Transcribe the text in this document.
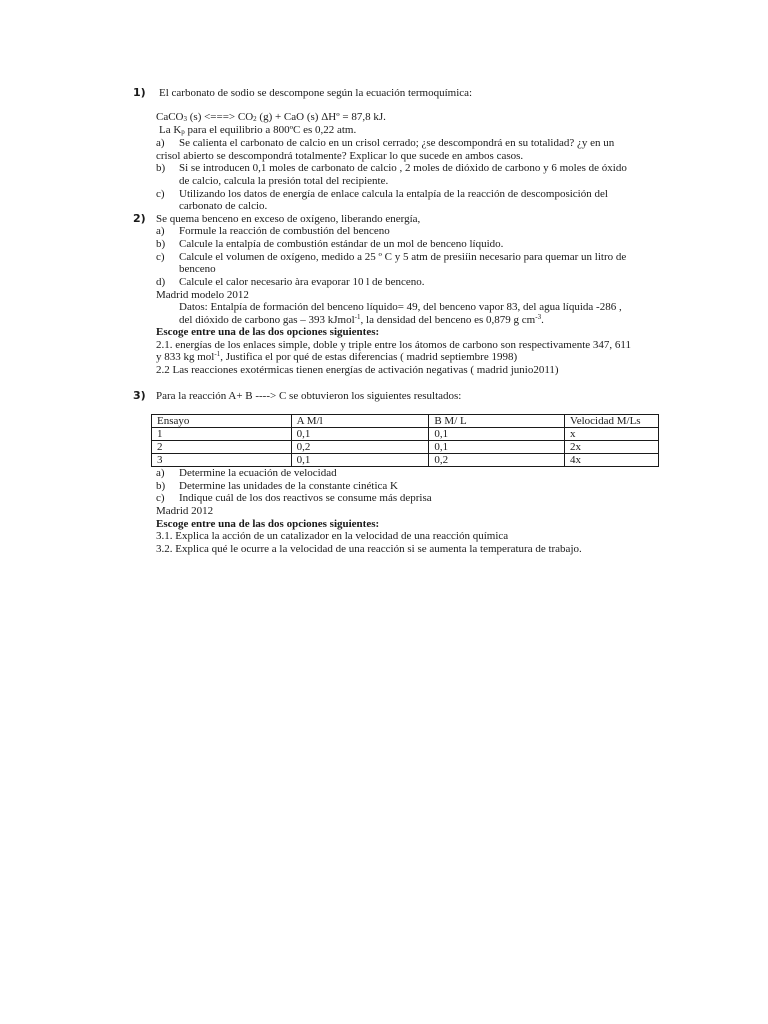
1) El carbonato de sodio se descompone según la ecuación termoquímica:
CaCO$_3$ (s) <===> $CO_2$ (g) + CaO (s) ΔHº = 87,8 kJ.
La $K_p$ para el equilibrio a 800ºC es 0,22 atm.
a) Se calienta el carbonato de calcio en un crisol cerrado; ¿se descompondrá en su totalidad? ¿y en un
crisol abierto se descompondrá totalmente? Explicar lo que sucede en ambos casos.
b) Si se introducen 0,1 moles de carbonato de calcio , 2 moles de dióxido de carbono y 6 moles de óxido
de calcio, calcula la presión total del recipiente.
c) Utilizando los datos de energía de enlace calcula la entalpía de la reacción de descomposición del
carbonato de calcio.
2) Se quema benceno en exceso de oxígeno, liberando energía,
a) Formule la reacción de combustión del benceno
b) Calcule la entalpía de combustión estándar de un mol de benceno líquido.
c) Calcule el volumen de oxígeno, medido a 25 º C y 5 atm de presiíin necesario para quemar un litro de
benceno
d) Calcule el calor necesario àra evaporar 10 l de benceno.
Madrid modelo 2012
Datos: Entalpía de formación del benceno líquido= 49, del benceno vapor 83, del agua líquida -286 ,
del dióxido de carbono gas – 393 kJmol$^{-1}$, la densidad del benceno es 0,879 g $cm^{-3}$.
Escoge entre una de las dos opciones siguientes:
2.1. energías de los enlaces simple, doble y triple entre los átomos de carbono son respectivamente 347, 611
y 833 kg mol$^{-1}$, Justifica el por qué de estas diferencias ( madrid septiembre 1998)
2.2 Las reacciones exotérmicas tienen energías de activación negativas ( madrid junio2011)
3) Para la reacción A+ B ----> C se obtuvieron los siguientes resultados:
Ensayo	A M/l	B M/ L	Velocidad M/Ls
1	0,1	0,1	x
2	0,2	0,1	2x
3	0,1	0,2	4x
a) Determine la ecuación de velocidad
b) Determine las unidades de la constante cinética K
c) Indique cuál de los dos reactivos se consume más deprisa
Madrid 2012
Escoge entre una de las dos opciones siguientes:
3.1. Explica la acción de un catalizador en la velocidad de una reacción química
3.2. Explica qué le ocurre a la velocidad de una reacción si se aumenta la temperatura de trabajo.
